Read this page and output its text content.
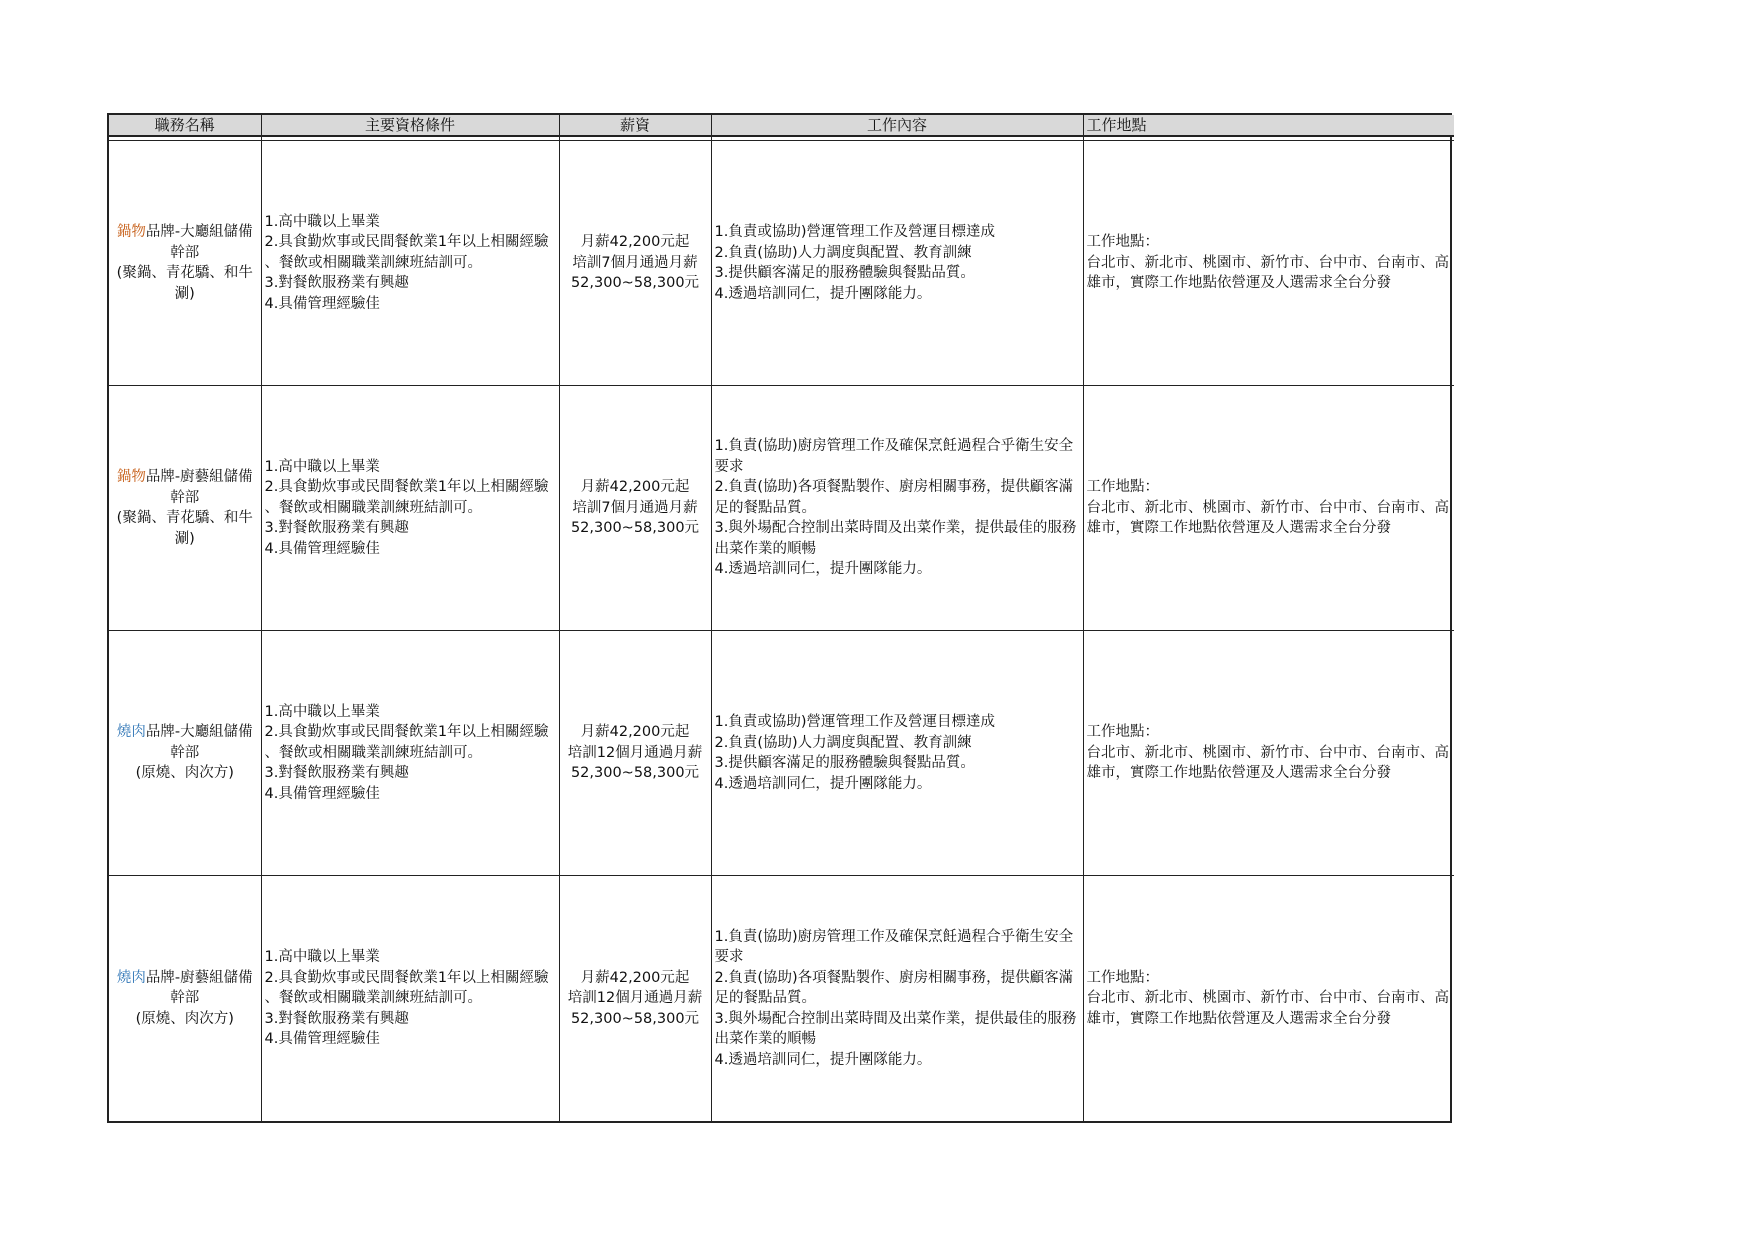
職務名稱	主要資格條件	薪資	工作內容	工作地點

鍋物品牌-大廳組儲備幹部
(聚鍋、青花驕、和牛涮)	1.高中職以上畢業
2.具食勤炊事或民間餐飲業1年以上相關經驗
、餐飲或相關職業訓練班結訓可。
3.對餐飲服務業有興趣
4.具備管理經驗佳	月薪42,200元起
培訓7個月通過月薪
52,300~58,300元	1.負責或協助)營運管理工作及營運目標達成
2.負責(協助)人力調度與配置、教育訓練
3.提供顧客滿足的服務體驗與餐點品質。
4.透過培訓同仁，提升團隊能力。	工作地點：
台北市、新北市、桃園市、新竹市、台中市、台南市、高雄市，實際工作地點依營運及人選需求全台分發

鍋物品牌-廚藝組儲備幹部
(聚鍋、青花驕、和牛涮)	1.高中職以上畢業
2.具食勤炊事或民間餐飲業1年以上相關經驗
、餐飲或相關職業訓練班結訓可。
3.對餐飲服務業有興趣
4.具備管理經驗佳	月薪42,200元起
培訓7個月通過月薪
52,300~58,300元	1.負責(協助)廚房管理工作及確保烹飪過程合乎衛生安全要求
2.負責(協助)各項餐點製作、廚房相關事務，提供顧客滿足的餐點品質。
3.與外場配合控制出菜時間及出菜作業，提供最佳的服務出菜作業的順暢
4.透過培訓同仁，提升團隊能力。	工作地點：
台北市、新北市、桃園市、新竹市、台中市、台南市、高雄市，實際工作地點依營運及人選需求全台分發

燒肉品牌-大廳組儲備幹部
(原燒、肉次方)	1.高中職以上畢業
2.具食勤炊事或民間餐飲業1年以上相關經驗
、餐飲或相關職業訓練班結訓可。
3.對餐飲服務業有興趣
4.具備管理經驗佳	月薪42,200元起
培訓12個月通過月薪
52,300~58,300元	1.負責或協助)營運管理工作及營運目標達成
2.負責(協助)人力調度與配置、教育訓練
3.提供顧客滿足的服務體驗與餐點品質。
4.透過培訓同仁，提升團隊能力。	工作地點：
台北市、新北市、桃園市、新竹市、台中市、台南市、高雄市，實際工作地點依營運及人選需求全台分發

燒肉品牌-廚藝組儲備幹部
(原燒、肉次方)	1.高中職以上畢業
2.具食勤炊事或民間餐飲業1年以上相關經驗
、餐飲或相關職業訓練班結訓可。
3.對餐飲服務業有興趣
4.具備管理經驗佳	月薪42,200元起
培訓12個月通過月薪
52,300~58,300元	1.負責(協助)廚房管理工作及確保烹飪過程合乎衛生安全要求
2.負責(協助)各項餐點製作、廚房相關事務，提供顧客滿足的餐點品質。
3.與外場配合控制出菜時間及出菜作業，提供最佳的服務出菜作業的順暢
4.透過培訓同仁，提升團隊能力。	工作地點：
台北市、新北市、桃園市、新竹市、台中市、台南市、高雄市，實際工作地點依營運及人選需求全台分發
